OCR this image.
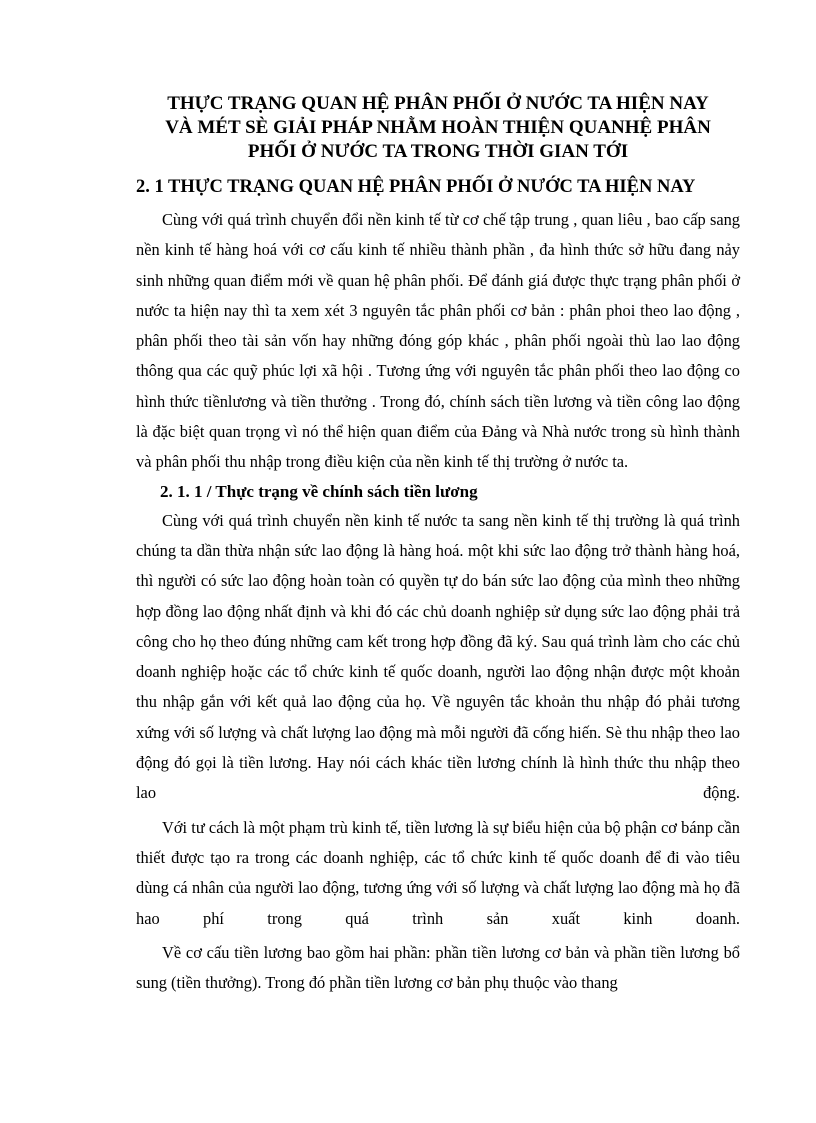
THỰC TRẠNG QUAN HỆ PHÂN PHỐI Ở NƯỚC TA HIỆN NAY
VÀ MÉT SÈ GIẢI PHÁP NHẰM HOÀN THIỆN QUANHỆ PHÂN
PHỐI Ở NƯỚC TA TRONG THỜI GIAN TỚI
2. 1 THỰC TRẠNG QUAN HỆ PHÂN PHỐI Ở NƯỚC TA HIỆN NAY

Cùng với quá trình chuyển đổi nền kinh tế từ cơ chế tập trung , quan liêu , bao cấp sang nền kinh tế hàng hoá với cơ cấu kinh tế nhiều thành phần , đa hình thức sở hữu đang nảy sinh những quan điểm mới về quan hệ phân phối. Để đánh giá được thực trạng phân phối ở nước ta hiện nay thì ta xem xét 3 nguyên tắc phân phối cơ bản : phân phoi theo lao động , phân phối theo tài sản vốn hay những đóng góp khác , phân phối ngoài thù lao lao động thông qua các quỹ phúc lợi xã hội . Tương ứng với nguyên tắc phân phối theo lao động co hình thức tiềnlương và tiền thưởng . Trong đó, chính sách tiền lương và tiền công lao động là đặc biệt quan trọng vì nó thể hiện quan điểm của Đảng và Nhà nước trong sù hình thành và phân phối thu nhập trong điều kiện của nền kinh tế thị trường ở nước ta.

2. 1. 1 / Thực trạng về chính sách tiền lương

Cùng với quá trình chuyển nền kinh tế nước ta sang nền kinh tế thị trường là quá trình chúng ta dần thừa nhận sức lao động là hàng hoá. một khi sức lao động trở thành hàng hoá, thì người có sức lao động hoàn toàn có quyền tự do bán sức lao động của mình theo những hợp đồng lao động nhất định và khi đó các chủ doanh nghiệp sử dụng sức lao động phải trả công cho họ theo đúng những cam kết trong hợp đồng đã ký. Sau quá trình làm cho các chủ doanh nghiệp hoặc các tổ chức kinh tế quốc doanh, người lao động nhận được một khoản thu nhập gắn với kết quả lao động của họ. Về nguyên tắc khoản thu nhập đó phải tương xứng với số lượng và chất lượng lao động mà mỗi người đã cống hiến. Sè thu nhập theo lao động đó gọi là tiền lương. Hay nói cách khác tiền lương chính là hình thức thu nhập theo lao động.

Với tư cách là một phạm trù kinh tế, tiền lương là sự biểu hiện của bộ phận cơ bánp cần thiết được tạo ra trong các doanh nghiệp, các tổ chức kinh tế quốc doanh để đi vào tiêu dùng cá nhân của người lao động, tương ứng với số lượng và chất lượng lao động mà họ đã hao phí trong quá trình sản xuất kinh doanh.

Về cơ cấu tiền lương bao gồm hai phần: phần tiền lương cơ bản và phần tiền lương bổ sung (tiền thưởng). Trong đó phần tiền lương cơ bản phụ thuộc vào thang
